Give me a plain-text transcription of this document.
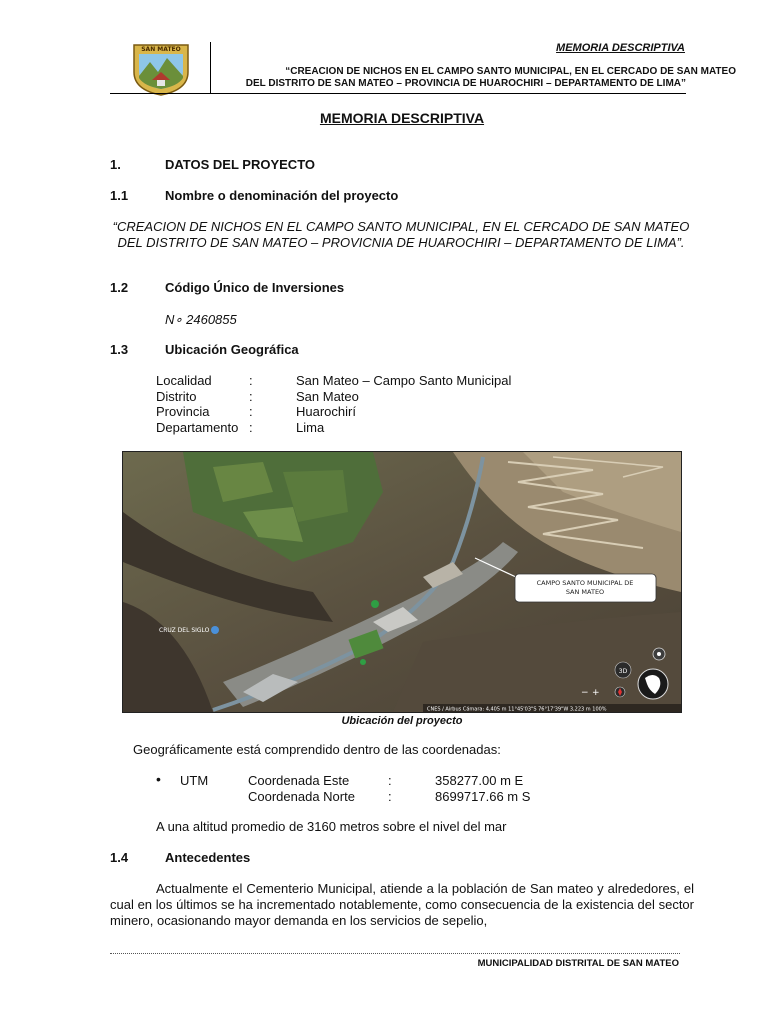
SAN MATEO	MEMORIA DESCRIPTIVA
“CREACION DE NICHOS EN EL CAMPO SANTO MUNICIPAL, EN EL CERCADO DE SAN MATEO
DEL DISTRITO DE SAN MATEO – PROVINCIA DE HUAROCHIRI – DEPARTAMENTO DE LIMA”
MEMORIA DESCRIPTIVA
1.	DATOS DEL PROYECTO
1.1	Nombre o denominación del proyecto
“CREACION DE NICHOS EN EL CAMPO SANTO MUNICIPAL, EN EL CERCADO DE SAN MATEO DEL DISTRITO DE SAN MATEO – PROVICNIA DE HUAROCHIRI – DEPARTAMENTO DE LIMA”.
1.2	Código Único de Inversiones
N∘ 2460855
1.3	Ubicación Geográfica
Localidad	:	San Mateo – Campo Santo Municipal
Distrito	:	San Mateo
Provincia	:	Huarochirí
Departamento :	Lima
CRUZ DEL SIGLO
CAMPO SANTO MUNICIPAL DE
SAN MATEO
3D
− +
CNES / Airbus Cámara: 4,405 m 11°45'03"S 76°17'39"W 3,223 m 100%
Ubicación del proyecto
Geográficamente está comprendido dentro de las coordenadas:
• UTM	Coordenada Este	:	358277.00 m E
Coordenada Norte	:	8699717.66 m S
A una altitud promedio de 3160 metros sobre el nivel del mar
1.4	Antecedentes
Actualmente el Cementerio Municipal, atiende a la población de San mateo y alrededores, el cual en los últimos se ha incrementado notablemente, como consecuencia de la existencia del sector minero, ocasionando mayor demanda en los servicios de sepelio,
MUNICIPALIDAD DISTRITAL DE SAN MATEO
